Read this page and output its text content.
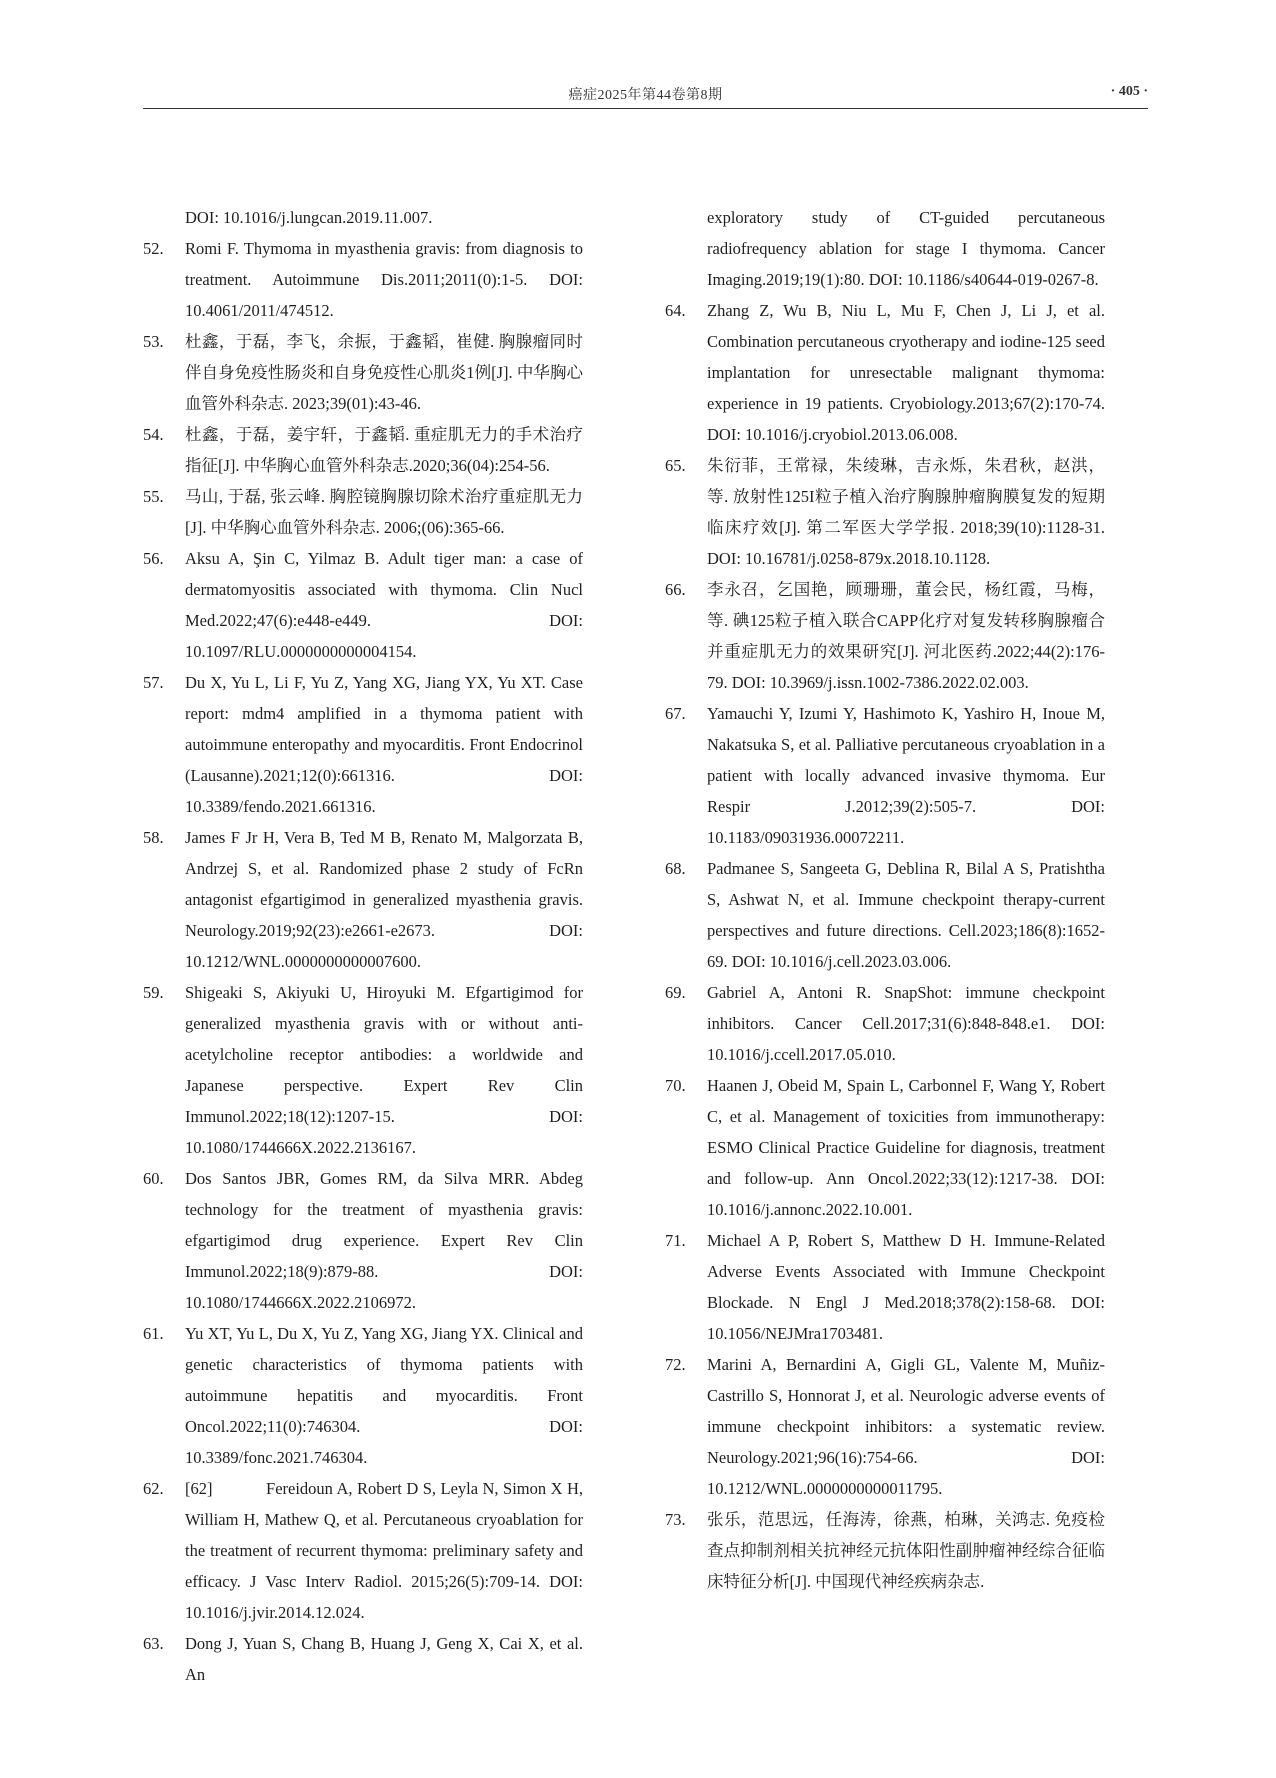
癌症2025年第44卷第8期	· 405 ·
DOI: 10.1016/j.lungcan.2019.11.007.
52. Romi F. Thymoma in myasthenia gravis: from diagnosis to treatment. Autoimmune Dis.2011;2011(0):1-5. DOI: 10.4061/2011/474512.
53. 杜鑫，于磊，李飞，余振，于鑫韬，崔健. 胸腺瘤同时伴自身免疫性肠炎和自身免疫性心肌炎1例[J]. 中华胸心血管外科杂志. 2023;39(01):43-46.
54. 杜鑫，于磊，姜宇轩，于鑫韬. 重症肌无力的手术治疗指征[J]. 中华胸心血管外科杂志.2020;36(04):254-56.
55. 马山, 于磊, 张云峰. 胸腔镜胸腺切除术治疗重症肌无力[J]. 中华胸心血管外科杂志. 2006;(06):365-66.
56. Aksu A, Şin C, Yilmaz B. Adult tiger man: a case of dermatomyositis associated with thymoma. Clin Nucl Med.2022;47(6):e448-e449. DOI: 10.1097/RLU.0000000000004154.
57. Du X, Yu L, Li F, Yu Z, Yang XG, Jiang YX, Yu XT. Case report: mdm4 amplified in a thymoma patient with autoimmune enteropathy and myocarditis. Front Endocrinol (Lausanne).2021;12(0):661316. DOI: 10.3389/fendo.2021.661316.
58. James F Jr H, Vera B, Ted M B, Renato M, Malgorzata B, Andrzej S, et al. Randomized phase 2 study of FcRn antagonist efgartigimod in generalized myasthenia gravis. Neurology.2019;92(23):e2661-e2673. DOI: 10.1212/WNL.0000000000007600.
59. Shigeaki S, Akiyuki U, Hiroyuki M. Efgartigimod for generalized myasthenia gravis with or without anti-acetylcholine receptor antibodies: a worldwide and Japanese perspective. Expert Rev Clin Immunol.2022;18(12):1207-15. DOI: 10.1080/1744666X.2022.2136167.
60. Dos Santos JBR, Gomes RM, da Silva MRR. Abdeg technology for the treatment of myasthenia gravis: efgartigimod drug experience. Expert Rev Clin Immunol.2022;18(9):879-88. DOI: 10.1080/1744666X.2022.2106972.
61. Yu XT, Yu L, Du X, Yu Z, Yang XG, Jiang YX. Clinical and genetic characteristics of thymoma patients with autoimmune hepatitis and myocarditis. Front Oncol.2022;11(0):746304. DOI: 10.3389/fonc.2021.746304.
62. [62]            Fereidoun A, Robert D S, Leyla N, Simon X H, William H, Mathew Q, et al. Percutaneous cryoablation for the treatment of recurrent thymoma: preliminary safety and efficacy. J Vasc Interv Radiol. 2015;26(5):709-14. DOI: 10.1016/j.jvir.2014.12.024.
63. Dong J, Yuan S, Chang B, Huang J, Geng X, Cai X, et al. An
exploratory study of CT-guided percutaneous radiofrequency ablation for stage I thymoma. Cancer Imaging.2019;19(1):80. DOI: 10.1186/s40644-019-0267-8.
64. Zhang Z, Wu B, Niu L, Mu F, Chen J, Li J, et al. Combination percutaneous cryotherapy and iodine-125 seed implantation for unresectable malignant thymoma: experience in 19 patients. Cryobiology.2013;67(2):170-74. DOI: 10.1016/j.cryobiol.2013.06.008.
65. 朱衍菲，王常禄，朱绫琳，吉永烁，朱君秋，赵洪，等. 放射性125I粒子植入治疗胸腺肿瘤胸膜复发的短期临床疗效[J]. 第二军医大学学报. 2018;39(10):1128-31. DOI: 10.16781/j.0258-879x.2018.10.1128.
66. 李永召，乞国艳，顾珊珊，董会民，杨红霞，马梅，等. 碘125粒子植入联合CAPP化疗对复发转移胸腺瘤合并重症肌无力的效果研究[J]. 河北医药.2022;44(2):176-79. DOI: 10.3969/j.issn.1002-7386.2022.02.003.
67. Yamauchi Y, Izumi Y, Hashimoto K, Yashiro H, Inoue M, Nakatsuka S, et al. Palliative percutaneous cryoablation in a patient with locally advanced invasive thymoma. Eur Respir J.2012;39(2):505-7. DOI: 10.1183/09031936.00072211.
68. Padmanee S, Sangeeta G, Deblina R, Bilal A S, Pratishtha S, Ashwat N, et al. Immune checkpoint therapy-current perspectives and future directions. Cell.2023;186(8):1652-69. DOI: 10.1016/j.cell.2023.03.006.
69. Gabriel A, Antoni R. SnapShot: immune checkpoint inhibitors. Cancer Cell.2017;31(6):848-848.e1. DOI: 10.1016/j.ccell.2017.05.010.
70. Haanen J, Obeid M, Spain L, Carbonnel F, Wang Y, Robert C, et al. Management of toxicities from immunotherapy: ESMO Clinical Practice Guideline for diagnosis, treatment and follow-up. Ann Oncol.2022;33(12):1217-38. DOI: 10.1016/j.annonc.2022.10.001.
71. Michael A P, Robert S, Matthew D H. Immune-Related Adverse Events Associated with Immune Checkpoint Blockade. N Engl J Med.2018;378(2):158-68. DOI: 10.1056/NEJMra1703481.
72. Marini A, Bernardini A, Gigli GL, Valente M, Muñiz-Castrillo S, Honnorat J, et al. Neurologic adverse events of immune checkpoint inhibitors: a systematic review. Neurology.2021;96(16):754-66. DOI: 10.1212/WNL.0000000000011795.
73. 张乐，范思远，任海涛，徐燕，柏琳，关鸿志. 免疫检查点抑制剂相关抗神经元抗体阳性副肿瘤神经综合征临床特征分析[J]. 中国现代神经疾病杂志.
